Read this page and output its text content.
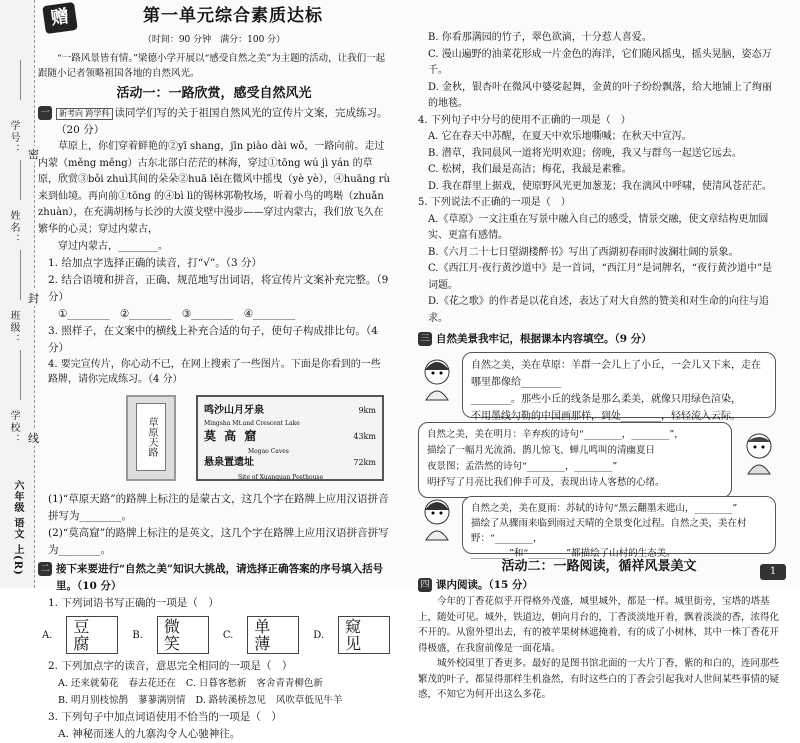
学号：
姓名：
班级：
学校：
密
封
线
六年级 语文 上(R)
赠	第一单元综合素质达标
（时间：90 分钟　满分：100 分）

“一路风景皆有情。”梁德小学开展以“感受自然之美”为主题的活动，让我们一起跟随小记者领略祖国各地的自然风光。

活动一：一路欣赏，感受自然风光
一	新考向 跨学科 读同学们写的关于祖国自然风光的宣传片文案，完成练习。（20 分）

草原上，你们穿着鲜艳的②yī shang，jīn piào dài wǒ，一路向前。走过内蒙（měng měng）古东北部白茫茫的林海，穿过①tōng wú jì yán 的草原，欣赏③bǒi zhuì其间的朵朵②huā lěi在微风中摇曳（yè yè），④huāng rù 来到仙境。再向前①tōng 的④bì lì的锡林郭勒牧场，听着小鸟的鸣啭（zhuǎn zhuàn），在充满胡杨与长沙的大漠戈壁中漫步——穿过内蒙古，我们放飞久在繁华的心灵；穿过内蒙古，

穿过内蒙古，________。

1. 给加点字选择正确的读音，打“√”。（3 分）
2. 结合语境和拼音，正确、规范地写出词语，将宣传片文案补充完整。（9 分）
①________　②________　③________　④________
3. 照样子，在文案中的横线上补充合适的句子，使句子构成排比句。（4 分）
4. 要完宣传片，你心动不已，在网上搜索了一些图片。下面是你看到的一些路牌，请你完成练习。（4 分）
草原天路
鸣沙山月牙泉	9km
Mingsha Mt.and Crescent Lake
莫 高 窟	43km
Mogao Caves
悬泉置遗址	72km
Site of Xuanquan Posthouse
(1)“草原天路”的路牌上标注的是蒙古文，这几个字在路牌上应用汉语拼音拼写为________。
(2)“莫高窟”的路牌上标注的是英文，这几个字在路牌上应用汉语拼音拼写为________。
二 接下来要进行“自然之美”知识大挑战，请选择正确答案的序号填入括号里。（10 分）
1. 下列词语书写正确的一项是（　）
A.	豆腐	B.	微笑	C.	单薄	D.	窥见
2. 下列加点字的读音，意思完全相同的一项是（　）
A. 还来就菊花 春去花还在 C. 日暮客愁新 客舍青青柳色新
B. 明月别枝惊鹊 蓼蓼满别情 D. 路转溪桥忽见 风吹草低见牛羊
3. 下列句子中加点词语使用不恰当的一项是（　）
A. 神秘而迷人的九寨沟令人心驰神往。
B. 你看那满园的竹子，翠色欲滴，十分惹人喜爱。
C. 漫山遍野的油菜花形成一片金色的海洋，它们随风摇曳，摇头晃脑，姿态万千。
D. 金秋，银杏叶在微风中婆娑起舞，金黄的叶子纷纷飘落，给大地铺上了绚丽的地毯。
4. 下列句子中分号的使用不正确的一项是（　）
A. 它在春天中苏醒，在夏天中欢乐地嘶喊；在秋天中宣泻。
B. 潜草，我同晨风一道将光明欢迎；傍晚，我又与群鸟一起送它远去。
C. 松树，我们最是高洁；梅花，我最是素雅。
D. 我在群里上据戏，使原野风光更加葱茏；我在漓风中呼啸，使清风苍茫茫。
5. 下列说法不正确的一项是（　）
A.《草原》一文注重在写景中融入自己的感受，情景交融，使文章结构更加圆实、更富有感情。
B.《六月二十七日望湖楼醉书》写出了西湖初春雨时波澜壮阔的景象。
C.《西江月·夜行黄沙道中》是一首词，“西江月”是词牌名，“夜行黄沙道中”是词题。
D.《花之歌》的作者是以花自述，表达了对大自然的赞美和对生命的向往与追求。
三 自然美景我牢记，根据课本内容填空。（9 分）
自然之美，美在草原：羊群一会儿上了小丘，一会儿又下来，走在哪里都像给________
________。那些小丘的线条是那么柔美，就像只用绿色渲染，
不用墨线勾勒的中国画那样，到处________，轻轻流入云际。
自然之美，美在明月：辛弃疾的诗句“________，________”，
描绘了一幅月光流淌、鹊儿惊飞、蝉儿鸣叫的清幽夏日
夜景图；孟浩然的诗句“________，________”
明抒写了月亮比我们伸手可及，表现出诗人客愁的心绪。
自然之美，美在夏雨：苏轼的诗句“黑云翻墨未遮山，________”
描绘了从骤雨来临到雨过天晴的全景变化过程。自然之美，美在村野：“________，
________”和“________”都描绘了山村的生态美。
活动二：一路阅读，循祥风景美文
四 课内阅读。（15 分）

今年的丁香花似乎开得格外茂盛，城里城外，都是一样。城里街旁，宝塔的塔基上，随处可见。城外，铁道边，朝向月台的，丁香淡淡地开着，飘着淡淡的香，浓得化不开的。从窗外望出去，有的被苹果树林遮掩着，有的成了小树林，其中一株丁香花开得极盛，在我窗前像是一面花墙。

城外校园里丁香更多。最好的是图书馆北面的一大片丁香，紫的和白的，连同那些繁茂的叶子，都显得那样生机盎然，有时这些白的丁香会引起我对人世间某些事情的疑惑，不知它为何开出这么多花。

1
